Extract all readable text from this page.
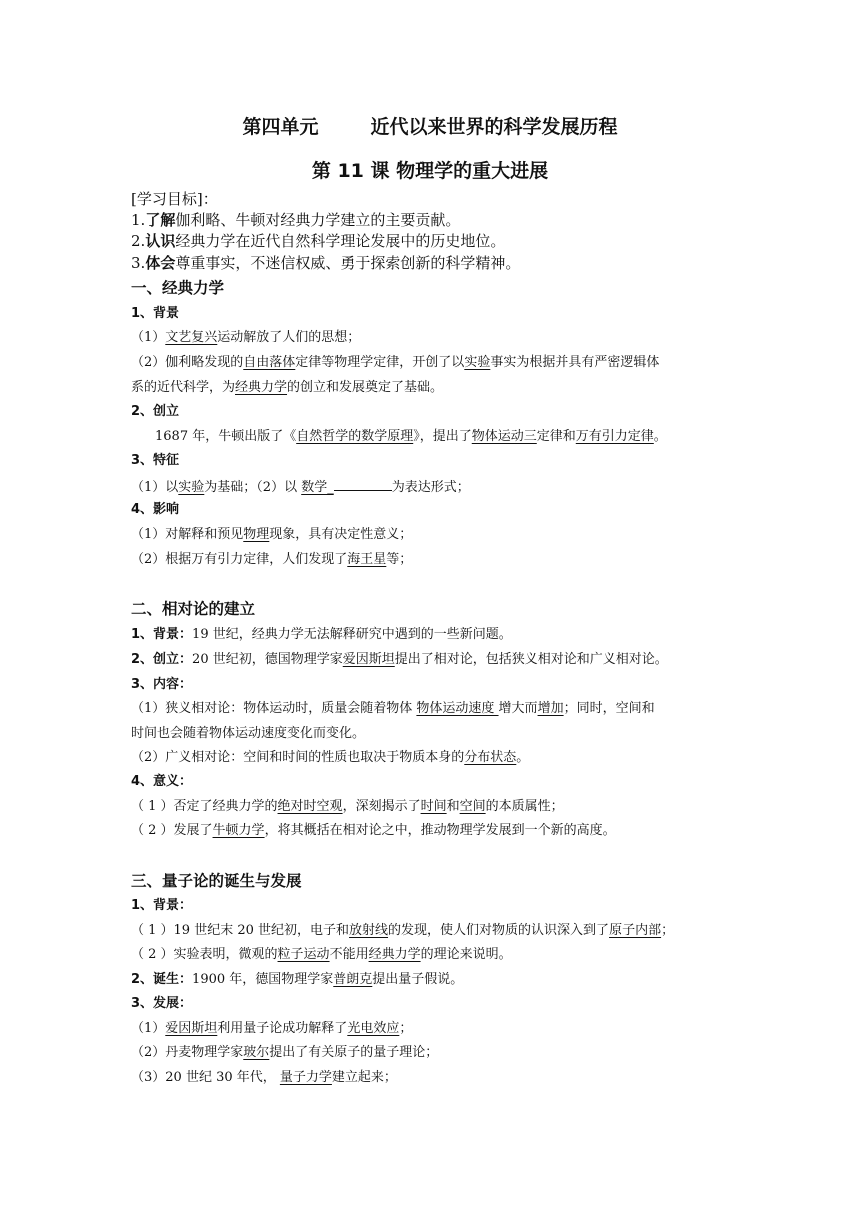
第四单元	近代以来世界的科学发展历程
第 11 课 物理学的重大进展
[学习目标]：
1.了解伽利略、牛顿对经典力学建立的主要贡献。
2.认识经典力学在近代自然科学理论发展中的历史地位。
3.体会尊重事实，不迷信权威、勇于探索创新的科学精神。
一、经典力学
1、背景
（1）文艺复兴运动解放了人们的思想；
（2）伽利略发现的自由落体定律等物理学定律，开创了以实验事实为根据并具有严密逻辑体
系的近代科学，为经典力学的创立和发展奠定了基础。
2、创立
1687 年，牛顿出版了《自然哲学的数学原理》，提出了物体运动三定律和万有引力定律。
3、特征
（1）以实验为基础；（2）以 数学_	为表达形式；
4、影响
（1）对解释和预见物理现象，具有决定性意义；
（2）根据万有引力定律，人们发现了海王星等；
二、相对论的建立
1、背景：19 世纪，经典力学无法解释研究中遇到的一些新问题。
2、创立：20 世纪初，德国物理学家爱因斯坦提出了相对论，包括狭义相对论和广义相对论。
3、内容：
（1）狭义相对论：物体运动时，质量会随着物体 物体运动速度 增大而增加；同时，空间和
时间也会随着物体运动速度变化而变化。
（2）广义相对论：空间和时间的性质也取决于物质本身的分布状态。
4、意义：
（ 1 ）否定了经典力学的绝对时空观，深刻揭示了时间和空间的本质属性；
（ 2 ）发展了牛顿力学，将其概括在相对论之中，推动物理学发展到一个新的高度。
三、量子论的诞生与发展
1、背景：
（ 1 ）19 世纪末 20 世纪初，电子和放射线的发现，使人们对物质的认识深入到了原子内部；
（ 2 ）实验表明，微观的粒子运动不能用经典力学的理论来说明。
2、诞生：1900 年，德国物理学家普朗克提出量子假说。
3、发展：
（1）爱因斯坦利用量子论成功解释了光电效应；
（2）丹麦物理学家玻尔提出了有关原子的量子理论；
（3）20 世纪 30 年代， 量子力学建立起来；
